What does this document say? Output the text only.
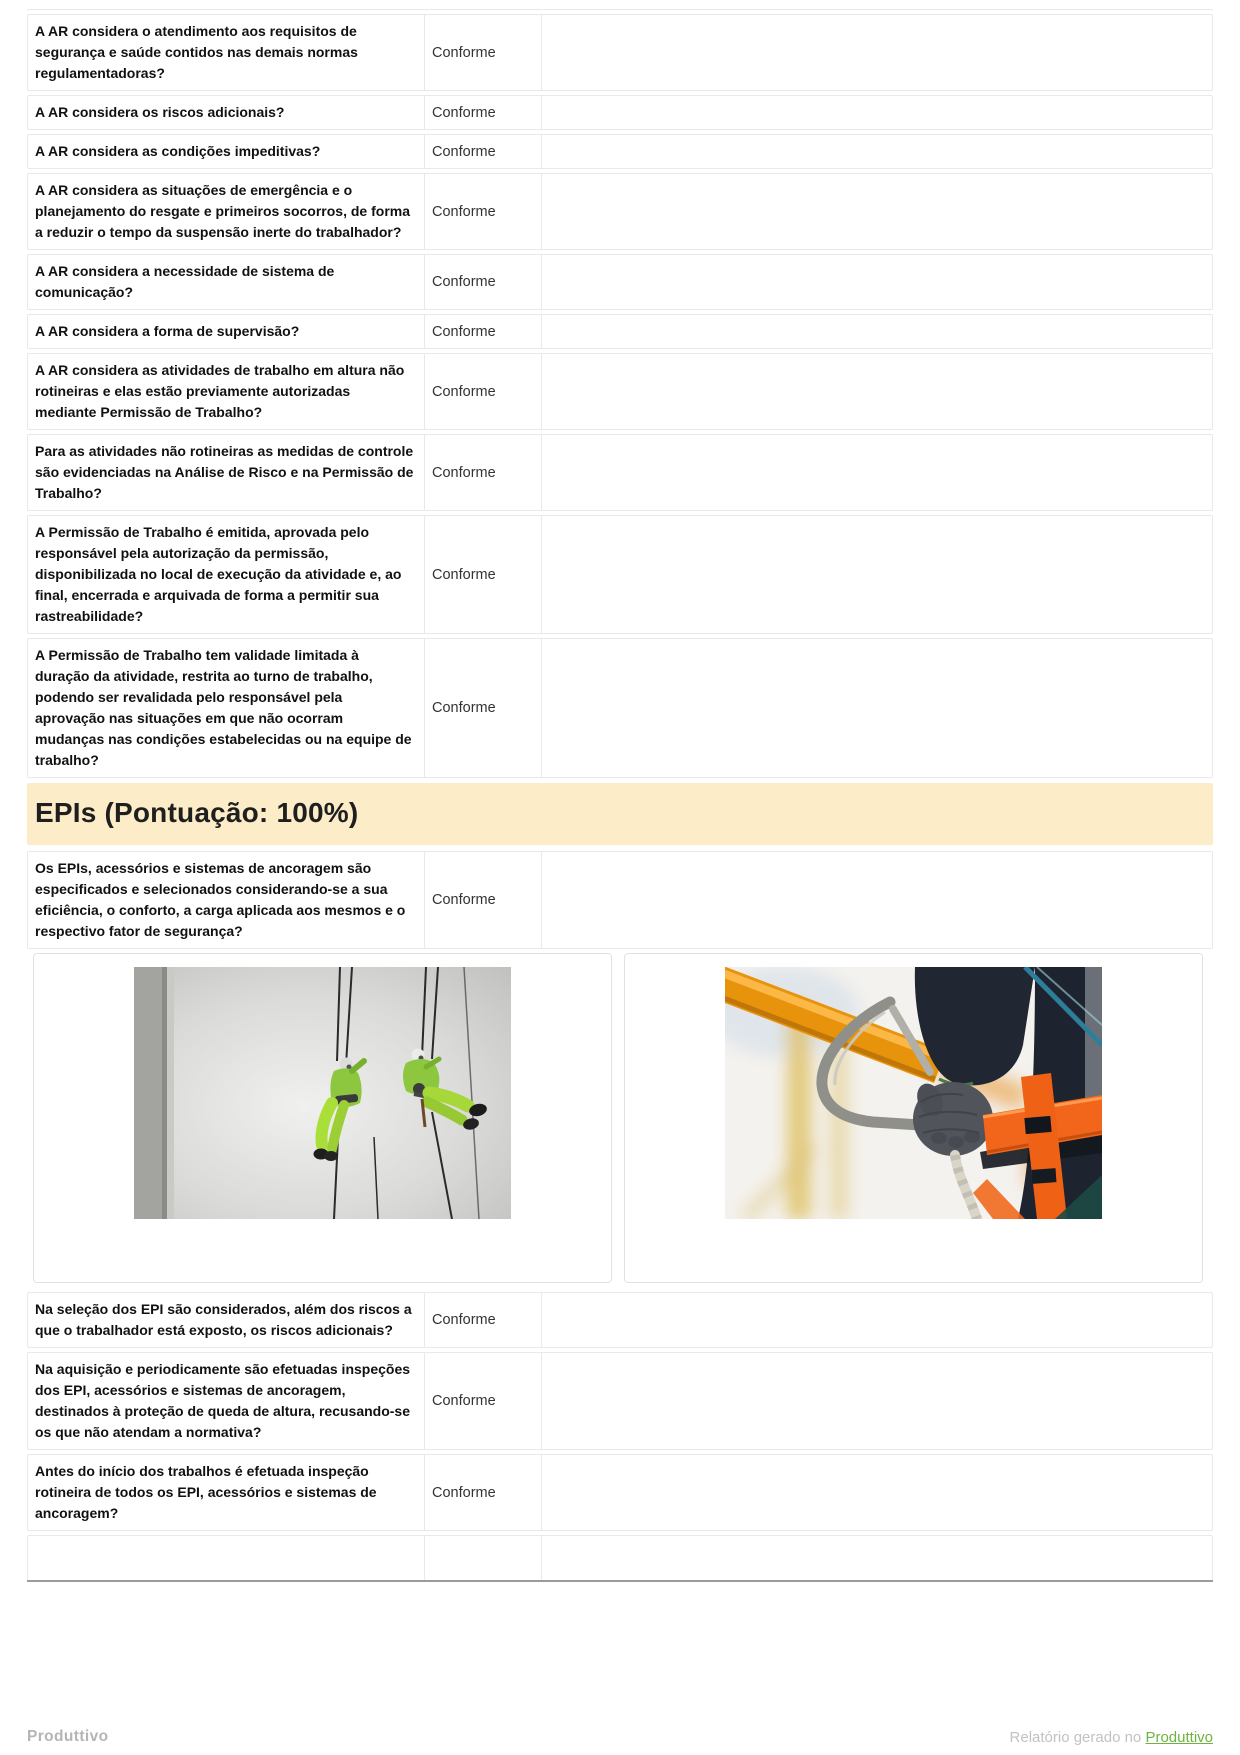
A AR considera o atendimento aos requisitos de segurança e saúde contidos nas demais normas regulamentadoras?
Conforme
A AR considera os riscos adicionais?	Conforme
A AR considera as condições impeditivas?	Conforme
A AR considera as situações de emergência e o planejamento do resgate e primeiros socorros, de forma a reduzir o tempo da suspensão inerte do trabalhador?
Conforme
A AR considera a necessidade de sistema de comunicação?
Conforme
A AR considera a forma de supervisão?	Conforme
A AR considera as atividades de trabalho em altura não rotineiras e elas estão previamente autorizadas mediante Permissão de Trabalho?
Conforme
Para as atividades não rotineiras as medidas de controle são evidenciadas na Análise de Risco e na Permissão de Trabalho?
Conforme
A Permissão de Trabalho é emitida, aprovada pelo responsável pela autorização da permissão, disponibilizada no local de execução da atividade e, ao final, encerrada e arquivada de forma a permitir sua rastreabilidade?
Conforme
A Permissão de Trabalho tem validade limitada à duração da atividade, restrita ao turno de trabalho, podendo ser revalidada pelo responsável pela aprovação nas situações em que não ocorram mudanças nas condições estabelecidas ou na equipe de trabalho?
Conforme
EPIs (Pontuação: 100%)
Os EPIs, acessórios e sistemas de ancoragem são especificados e selecionados considerando-se a sua eficiência, o conforto, a carga aplicada aos mesmos e o respectivo fator de segurança?
Conforme
Na seleção dos EPI são considerados, além dos riscos a que o trabalhador está exposto, os riscos adicionais?
Conforme
Na aquisição e periodicamente são efetuadas inspeções dos EPI, acessórios e sistemas de ancoragem, destinados à proteção de queda de altura, recusando-se os que não atendam a normativa?
Conforme
Antes do início dos trabalhos é efetuada inspeção rotineira de todos os EPI, acessórios e sistemas de ancoragem?
Conforme
Produttivo	Relatório gerado no Produttivo
